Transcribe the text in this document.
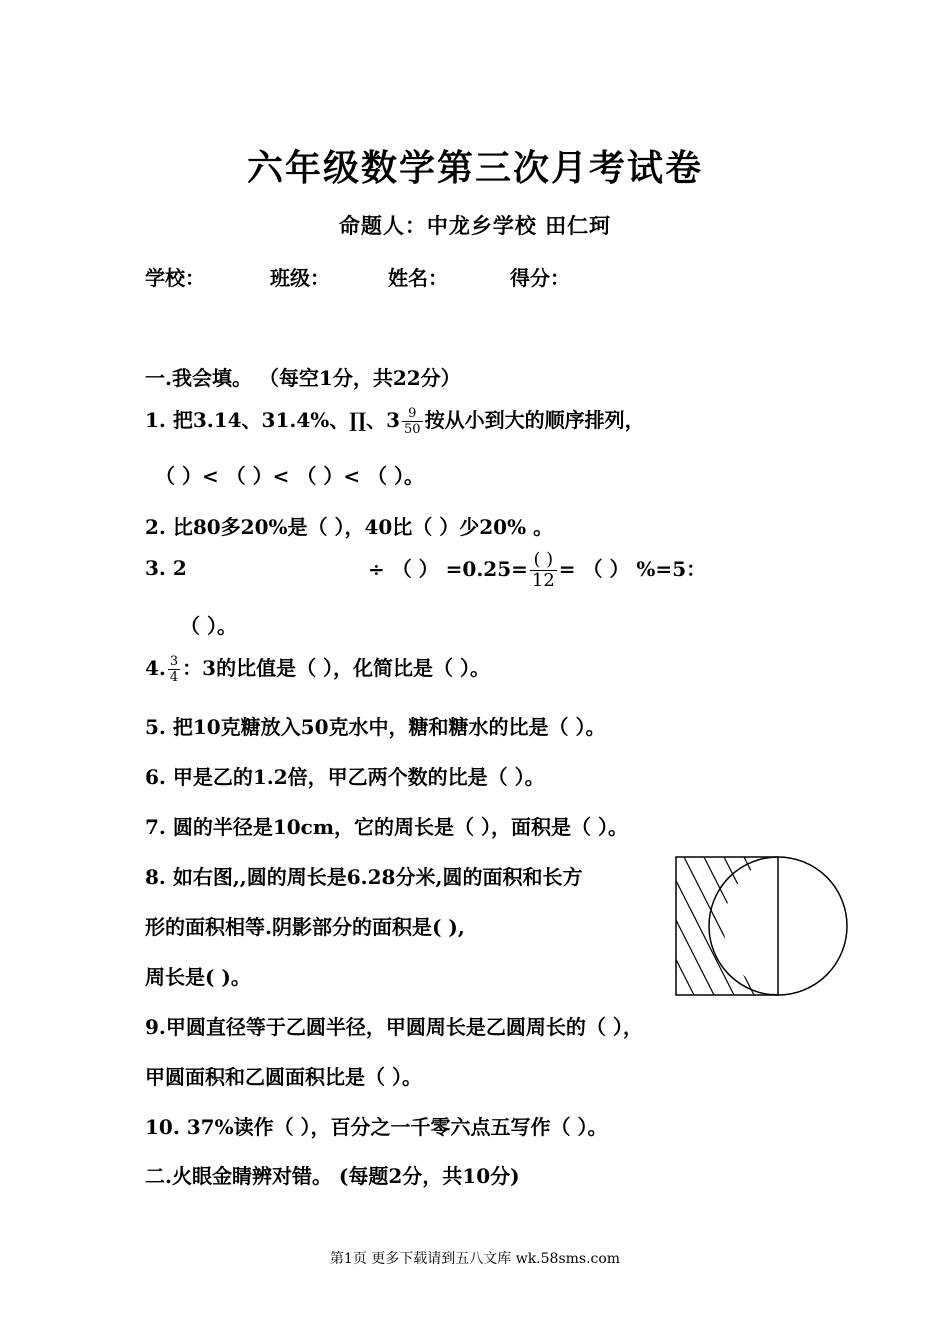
六年级数学第三次月考试卷
命题人：中龙乡学校 田仁珂
学校：	班级：	姓名：	得分：
一.我会填。 （每空1分，共22分）
1. 把3.14、31.4%、∏、$3 \frac{9}{50}$ 按从小到大的顺序排列，
（ ）< （ ）< （ ）< （ ）。
2. 比80多20%是（ ），40比（ ）少20% 。
3. 2	÷ （ ） $=0.25= \frac{( )}{12}$ = （ ） %=5：
（ ）。
4. $\frac{3}{4}$ ：3的比值是（ ），化简比是（ ）。
5. 把10克糖放入50克水中，糖和糖水的比是（ ）。
6. 甲是乙的1.2倍，甲乙两个数的比是（ ）。
7. 圆的半径是10cm，它的周长是（ ），面积是（ ）。
8. 如右图,,圆的周长是6.28分米,圆的面积和长方
形的面积相等.阴影部分的面积是( ),
周长是( )。
9.甲圆直径等于乙圆半径，甲圆周长是乙圆周长的（ ），
甲圆面积和乙圆面积比是（ ）。
10. 37%读作（ ），百分之一千零六点五写作（ ）。
二.火眼金睛辨对错。 (每题2分，共10分)
第1页 更多下载请到五八文库 wk.58sms.com
